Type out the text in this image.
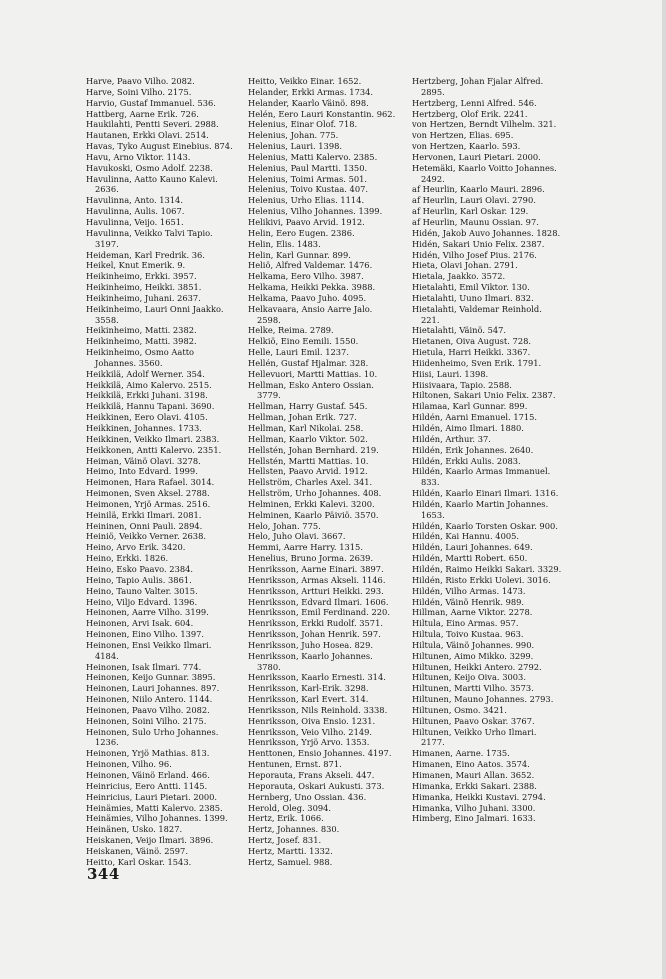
Harve, Paavo Vilho. 2082.
Harve, Soini Vilho. 2175.
Harvio, Gustaf Immanuel. 536.
Hattberg, Aarne Erik. 726.
Haukilahti, Pentti Severi. 2988.
Hautanen, Erkki Olavi. 2514.
Havas, Tyko August Einebius. 874.
Havu, Arno Viktor. 1143.
Havukoski, Osmo Adolf. 2238.
Havulinna, Aatto Kauno Kalevi. 2636.
Havulinna, Anto. 1314.
Havulinna, Aulis. 1067.
Havulinna, Veijo. 1651.
Havulinna, Veikko Talvi Tapio. 3197.
Heideman, Karl Fredrik. 36.
Heikel, Knut Emerik. 9.
Heikinheimo, Erkki. 3957.
Heikinheimo, Heikki. 3851.
Heikinheimo, Juhani. 2637.
Heikinheimo, Lauri Onni Jaakko. 3558.
Heikinheimo, Matti. 2382.
Heikinheimo, Matti. 3982.
Heikinheimo, Osmo Aatto Johannes. 3560.
Heikkilä, Adolf Werner. 354.
Heikkilä, Aimo Kalervo. 2515.
Heikkilä, Erkki Juhani. 3198.
Heikkilä, Hannu Tapani. 3690.
Heikkinen, Eero Olavi. 4105.
Heikkinen, Johannes. 1733.
Heikkinen, Veikko Ilmari. 2383.
Heikkonen, Antti Kalervo. 2351.
Heiman, Väinö Olavi. 3278.
Heimo, Into Edvard. 1999.
Heimonen, Hara Rafael. 3014.
Heimonen, Sven Aksel. 2788.
Heimonen, Yrjö Armas. 2516.
Heinilä, Erkki Ilmari. 2081.
Heininen, Onni Pauli. 2894.
Heiniö, Veikko Verner. 2638.
Heino, Arvo Erik. 3420.
Heino, Erkki. 1826.
Heino, Esko Paavo. 2384.
Heino, Tapio Aulis. 3861.
Heino, Tauno Valter. 3015.
Heino, Viljo Edvard. 1396.
Heinonen, Aarre Vilho. 3199.
Heinonen, Arvi Isak. 604.
Heinonen, Eino Vilho. 1397.
Heinonen, Ensi Veikko Ilmari. 4184.
Heinonen, Isak Ilmari. 774.
Heinonen, Keijo Gunnar. 3895.
Heinonen, Lauri Johannes. 897.
Heinonen, Niilo Antero. 1144.
Heinonen, Paavo Vilho. 2082.
Heinonen, Soini Vilho. 2175.
Heinonen, Sulo Urho Johannes. 1236.
Heinonen, Yrjö Mathias. 813.
Heinonen, Vilho. 96.
Heinonen, Väinö Erland. 466.
Heinricius, Eero Antti. 1145.
Heinricius, Lauri Pietari. 2000.
Heinämies, Matti Kalervo. 2385.
Heinämies, Vilho Johannes. 1399.
Heinänen, Usko. 1827.
Heiskanen, Veijo Ilmari. 3896.
Heiskanen, Väinö. 2597.
Heitto, Karl Oskar. 1543.
Heitto, Veikko Einar. 1652.
Helander, Erkki Armas. 1734.
Helander, Kaarlo Väinö. 898.
Helén, Eero Lauri Konstantin. 962.
Helenius, Einar Olof. 718.
Helenius, Johan. 775.
Helenius, Lauri. 1398.
Helenius, Matti Kalervo. 2385.
Helenius, Paul Martti. 1350.
Helenius, Toimi Armas. 501.
Helenius, Toivo Kustaa. 407.
Helenius, Urho Elias. 1114.
Helenius, Vilho Johannes. 1399.
Helikivi, Paavo Arvid. 1912.
Helin, Eero Eugen. 2386.
Helin, Elis. 1483.
Helin, Karl Gunnar. 899.
Heliö, Alfred Valdemar. 1476.
Helkama, Eero Vilho. 3987.
Helkama, Heikki Pekka. 3988.
Helkama, Paavo Juho. 4095.
Helkavaara, Ansio Aarre Jalo. 2598.
Helke, Reima. 2789.
Helkiö, Eino Eemili. 1550.
Helle, Lauri Emil. 1237.
Hellén, Gustaf Hjalmar. 328.
Hellevuori, Martti Mattias. 10.
Hellman, Esko Antero Ossian. 3779.
Hellman, Harry Gustaf. 545.
Hellman, Johan Erik. 727.
Hellman, Karl Nikolai. 258.
Hellman, Kaarlo Viktor. 502.
Hellstén, Johan Bernhard. 219.
Hellstén, Martti Mattias. 10.
Hellsten, Paavo Arvid. 1912.
Hellström, Charles Axel. 341.
Hellström, Urho Johannes. 408.
Helminen, Erkki Kalevi. 3200.
Helminen, Kaarlo Päiviö. 3570.
Helo, Johan. 775.
Helo, Juho Olavi. 3667.
Hemmi, Aarre Harry. 1315.
Henelius, Bruno Jorma. 2639.
Henriksson, Aarne Einari. 3897.
Henriksson, Armas Akseli. 1146.
Henriksson, Artturi Heikki. 293.
Henriksson, Edvard Ilmari. 1606.
Henriksson, Emil Ferdinand. 220.
Henriksson, Erkki Rudolf. 3571.
Henriksson, Johan Henrik. 597.
Henriksson, Juho Hosea. 829.
Henriksson, Kaarlo Johannes. 3780.
Henriksson, Kaarlo Ernesti. 314.
Henriksson, Karl-Erik. 3298.
Henriksson, Karl Evert. 314.
Henriksson, Nils Reinhold. 3338.
Henriksson, Oiva Ensio. 1231.
Henriksson, Veio Vilho. 2149.
Henriksson, Yrjö Arvo. 1353.
Henttonen, Ensio Johannes. 4197.
Hentunen, Ernst. 871.
Heporauta, Frans Akseli. 447.
Heporauta, Oskari Aukusti. 373.
Hernberg, Uno Ossian. 436.
Herold, Oleg. 3094.
Hertz, Erik. 1066.
Hertz, Johannes. 830.
Hertz, Josef. 831.
Hertz, Martti. 1332.
Hertz, Samuel. 988.
Hertzberg, Johan Fjalar Alfred. 2895.
Hertzberg, Lenni Alfred. 546.
Hertzberg, Olof Erik. 2241.
von Hertzen, Berndt Vilhelm. 321.
von Hertzen, Elias. 695.
von Hertzen, Kaarlo. 593.
Hervonen, Lauri Pietari. 2000.
Hetemäki, Kaarlo Voitto Johannes. 2492.
af Heurlin, Kaarlo Mauri. 2896.
af Heurlin, Lauri Olavi. 2790.
af Heurlin, Karl Oskar. 129.
af Heurlin, Maunu Ossian. 97.
Hidén, Jakob Auvo Johannes. 1828.
Hidén, Sakari Unio Felix. 2387.
Hidén, Vilho Josef Pius. 2176.
Hieta, Olavi Johan. 2791.
Hietala, Jaakko. 3572.
Hietalahti, Emil Viktor. 130.
Hietalahti, Uuno Ilmari. 832.
Hietalahti, Valdemar Reinhold. 221.
Hietalahti, Väinö. 547.
Hietanen, Oiva August. 728.
Hietula, Harri Heikki. 3367.
Hiidenheimo, Sven Erik. 1791.
Hiisi, Lauri. 1398.
Hiisivaara, Tapio. 2588.
Hiltonen, Sakari Unio Felix. 2387.
Hilamaa, Karl Gunnar. 899.
Hildén, Aarni Emanuel. 1715.
Hildén, Aimo Ilmari. 1880.
Hildén, Arthur. 37.
Hildén, Erik Johannes. 2640.
Hildén, Erkki Aulis. 2083.
Hildén, Kaarlo Armas Immanuel. 833.
Hildén, Kaarlo Einari Ilmari. 1316.
Hildén, Kaarlo Martin Johannes. 1653.
Hildén, Kaarlo Torsten Oskar. 900.
Hildén, Kai Hannu. 4005.
Hildén, Lauri Johannes. 649.
Hildén, Martti Robert. 650.
Hildén, Raimo Heikki Sakari. 3329.
Hildén, Risto Erkki Uolevi. 3016.
Hildén, Vilho Armas. 1473.
Hildén, Väinö Henrik. 989.
Hillman, Aarne Viktor. 2278.
Hiltula, Eino Armas. 957.
Hiltula, Toivo Kustaa. 963.
Hiltula, Väinö Johannes. 990.
Hiltunen, Aimo Mikko. 3299.
Hiltunen, Heikki Antero. 2792.
Hiltunen, Keijo Oiva. 3003.
Hiltunen, Martti Vilho. 3573.
Hiltunen, Mauno Johannes. 2793.
Hiltunen, Osmo. 3421.
Hiltunen, Paavo Oskar. 3767.
Hiltunen, Veikko Urho Ilmari. 2177.
Himanen, Aarne. 1735.
Himanen, Eino Aatos. 3574.
Himanen, Mauri Allan. 3652.
Himanka, Erkki Sakari. 2388.
Himanka, Heikki Kustavi. 2794.
Himanka, Vilho Juhani. 3300.
Himberg, Eino Jalmari. 1633.
344
